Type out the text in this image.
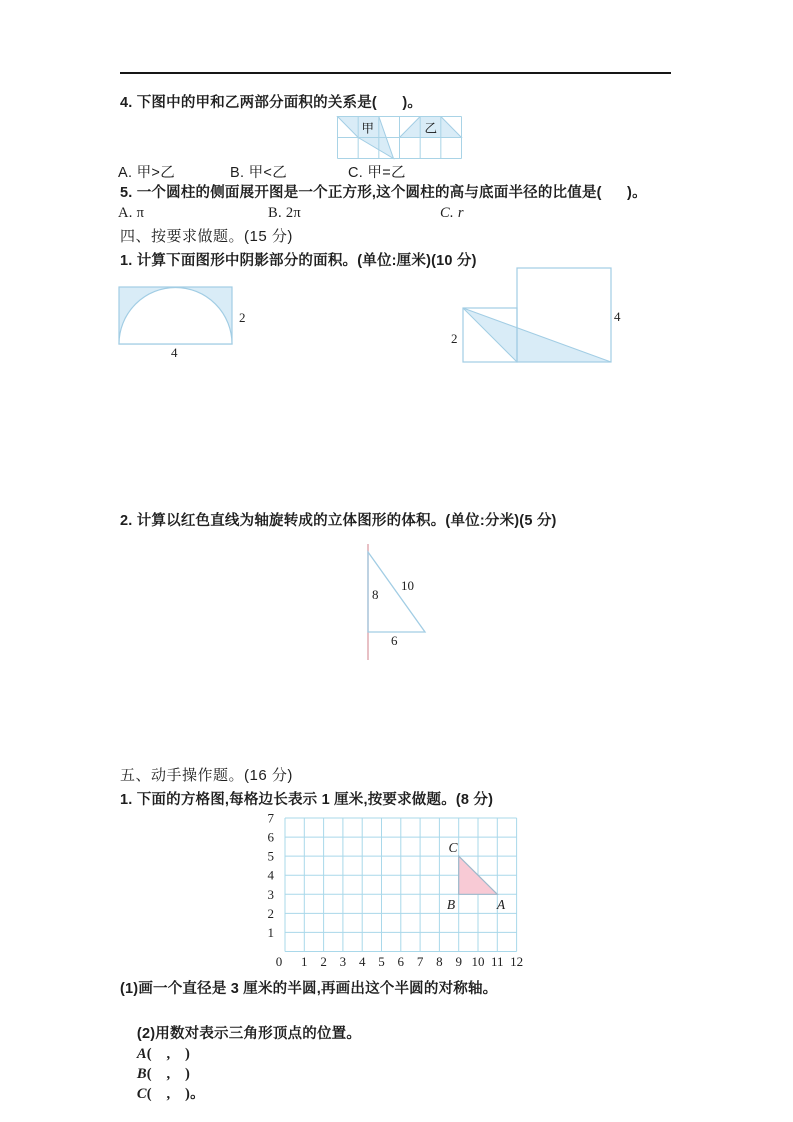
4. 下图中的甲和乙两部分面积的关系是(      )。
甲	乙
A. 甲>乙	B. 甲<乙	C. 甲=乙
5. 一个圆柱的侧面展开图是一个正方形,这个圆柱的高与底面半径的比值是(      )。
A. π	B. 2π	C. r
四、按要求做题。(15 分)
1. 计算下面图形中阴影部分的面积。(单位:厘米)(10 分)
2
4
2
4
2. 计算以红色直线为轴旋转成的立体图形的体积。(单位:分米)(5 分)
8
10
6
五、动手操作题。(16 分)
1. 下面的方格图,每格边长表示 1 厘米,按要求做题。(8 分)
C
B	A
0 1 2 3 4 5 6 7 8 9 10 11 12
7
6
5
4
3
2
1
(1)画一个直径是 3 厘米的半圆,再画出这个半圆的对称轴。

(2)用数对表示三角形顶点的位置。
A(　,　)
B(　,　)
C(　,　)。
